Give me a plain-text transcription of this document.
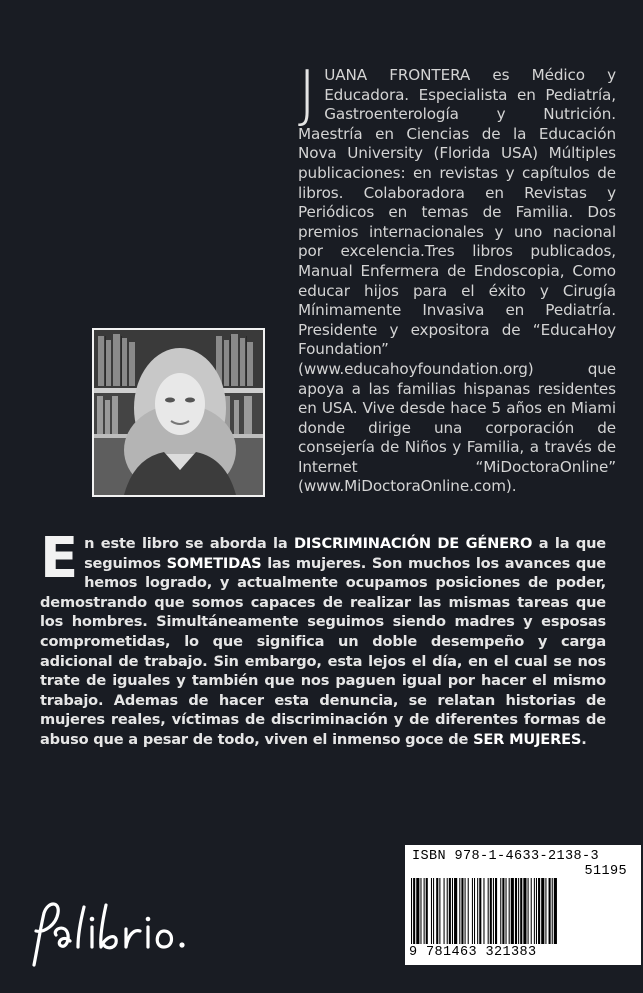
JUANA FRONTERA es Médico y Educadora. Especialista en Pediatría, Gastroenterología y Nutrición. Maestría en Ciencias de la Educación Nova University (Florida USA) Múltiples publicaciones: en revistas y capítulos de libros. Colaboradora en Revistas y Periódicos en temas de Familia. Dos premios internacionales y uno nacional por excelencia.Tres libros publicados, Manual Enfermera de Endoscopia, Como educar hijos para el éxito y Cirugía Mínimamente Invasiva en Pediatría. Presidente y expositora de “EducaHoy Foundation” (www.educahoyfoundation.org) que apoya a las familias hispanas residentes en USA. Vive desde hace 5 años en Miami donde dirige una corporación de consejería de Niños y Familia, a través de Internet “MiDoctoraOnline” (www.MiDoctoraOnline.com).
En este libro se aborda la DISCRIMINACIÓN DE GÉNERO a la que seguimos SOMETIDAS las mujeres. Son muchos los avances que hemos logrado, y actualmente ocupamos posiciones de poder, demostrando que somos capaces de realizar las mismas tareas que los hombres. Simultáneamente seguimos siendo madres y esposas comprometidas, lo que significa un doble desempeño y carga adicional de trabajo. Sin embargo, esta lejos el día, en el cual se nos trate de iguales y también que nos paguen igual por hacer el mismo trabajo. Ademas de hacer esta denuncia, se relatan historias de mujeres reales, víctimas de discriminación y de diferentes formas de abuso que a pesar de todo, viven el inmenso goce de SER MUJERES.
ISBN 978-1-4633-2138-3
51195
9 781463 321383
